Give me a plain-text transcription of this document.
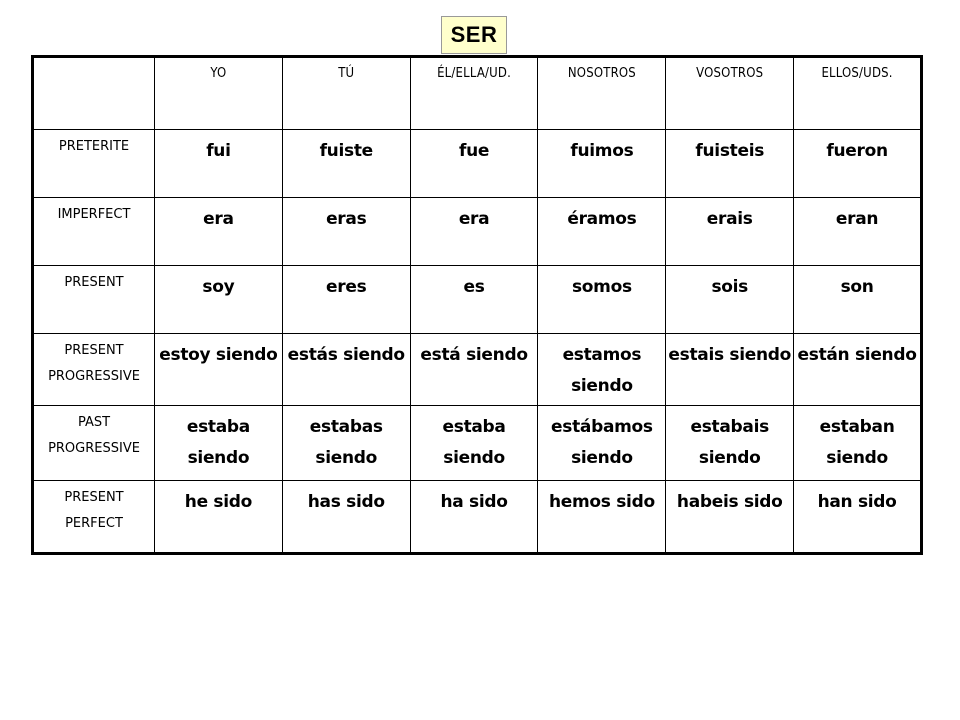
SER
	YO	TÚ	ÉL/ELLA/UD.	NOSOTROS	VOSOTROS	ELLOS/UDS.
PRETERITE	fui	fuiste	fue	fuimos	fuisteis	fueron
IMPERFECT	era	eras	era	éramos	erais	eran
PRESENT	soy	eres	es	somos	sois	son
PRESENT PROGRESSIVE	estoy siendo	estás siendo	está siendo	estamos siendo	estais siendo	están siendo
PAST PROGRESSIVE	estaba siendo	estabas siendo	estaba siendo	estábamos siendo	estabais siendo	estaban siendo
PRESENT PERFECT	he sido	has sido	ha sido	hemos sido	habeis sido	han sido
